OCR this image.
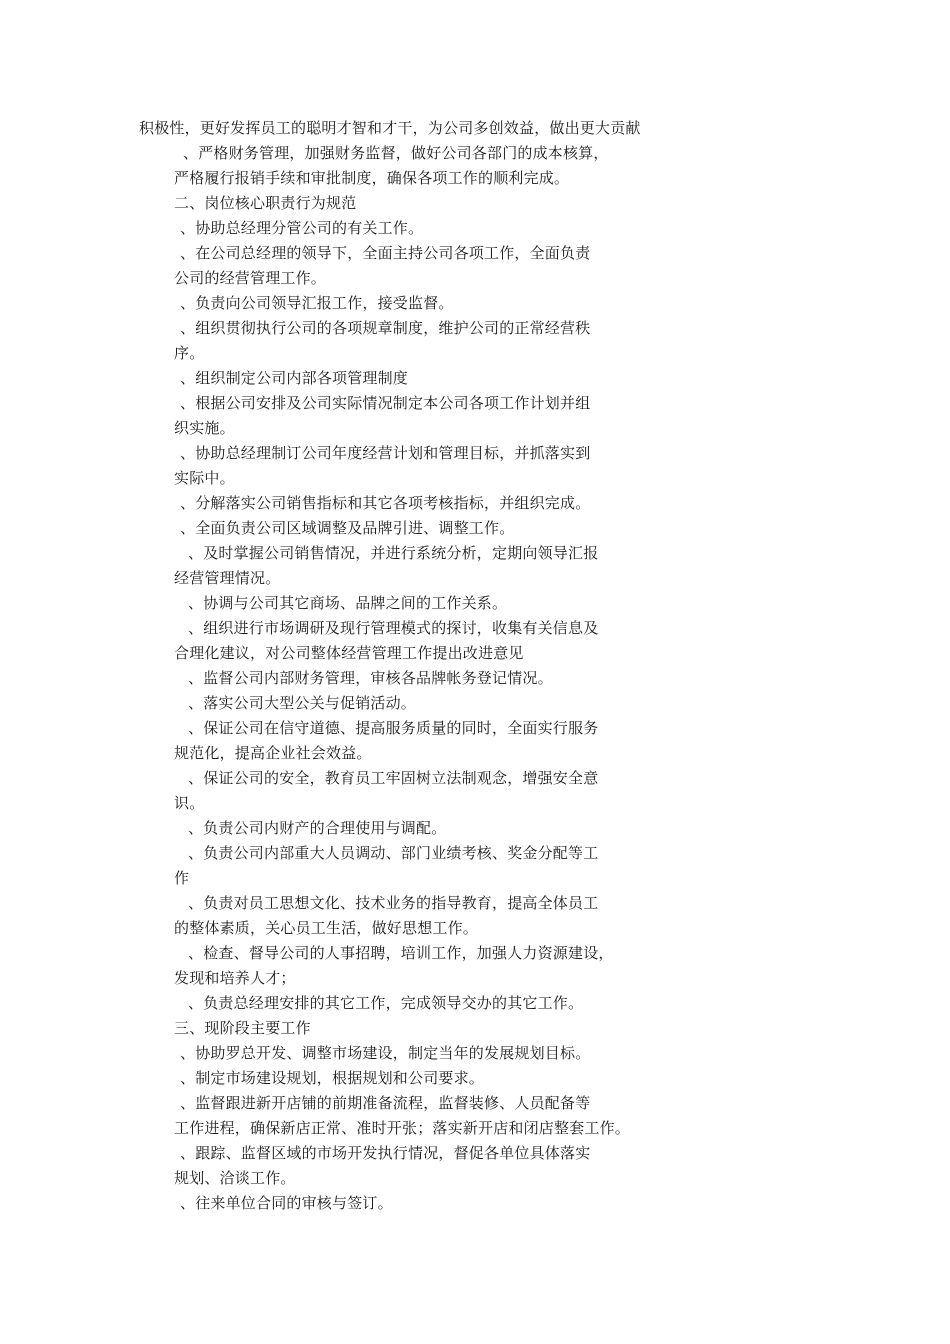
积极性，更好发挥员工的聪明才智和才干，为公司多创效益，做出更大贡献
、严格财务管理，加强财务监督，做好公司各部门的成本核算，
严格履行报销手续和审批制度，确保各项工作的顺利完成。
二、岗位核心职责行为规范
、协助总经理分管公司的有关工作。
、在公司总经理的领导下，全面主持公司各项工作，全面负责
公司的经营管理工作。
、负责向公司领导汇报工作，接受监督。
、组织贯彻执行公司的各项规章制度，维护公司的正常经营秩
序。
、组织制定公司内部各项管理制度
、根据公司安排及公司实际情况制定本公司各项工作计划并组
织实施。
、协助总经理制订公司年度经营计划和管理目标，并抓落实到
实际中。
、分解落实公司销售指标和其它各项考核指标，并组织完成。
、全面负责公司区域调整及品牌引进、调整工作。
、及时掌握公司销售情况，并进行系统分析，定期向领导汇报
经营管理情况。
、协调与公司其它商场、品牌之间的工作关系。
、组织进行市场调研及现行管理模式的探讨，收集有关信息及
合理化建议，对公司整体经营管理工作提出改进意见
、监督公司内部财务管理，审核各品牌帐务登记情况。
、落实公司大型公关与促销活动。
、保证公司在信守道德、提高服务质量的同时，全面实行服务
规范化，提高企业社会效益。
、保证公司的安全，教育员工牢固树立法制观念，增强安全意
识。
、负责公司内财产的合理使用与调配。
、负责公司内部重大人员调动、部门业绩考核、奖金分配等工
作
、负责对员工思想文化、技术业务的指导教育，提高全体员工
的整体素质，关心员工生活，做好思想工作。
、检查、督导公司的人事招聘，培训工作，加强人力资源建设，
发现和培养人才；
、负责总经理安排的其它工作，完成领导交办的其它工作。
三、现阶段主要工作
、协助罗总开发、调整市场建设，制定当年的发展规划目标。
、制定市场建设规划，根据规划和公司要求。
、监督跟进新开店铺的前期准备流程，监督装修、人员配备等
工作进程，确保新店正常、准时开张；落实新开店和闭店整套工作。
、跟踪、监督区域的市场开发执行情况，督促各单位具体落实
规划、洽谈工作。
、往来单位合同的审核与签订。
